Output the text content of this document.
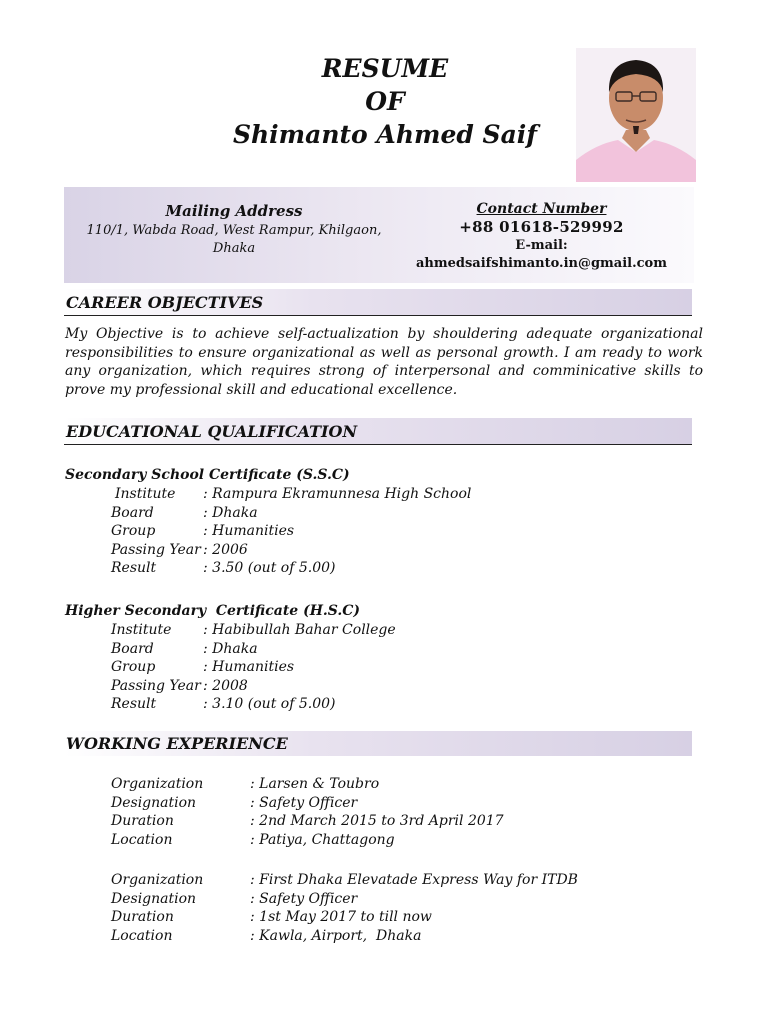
RESUME
OF
Shimanto Ahmed Saif
Mailing Address
110/1, Wabda Road, West Rampur, Khilgaon,
Dhaka
Contact Number
+88 01618-529992
E-mail:
ahmedsaifshimanto.in@gmail.com
CAREER OBJECTIVES
My Objective is to achieve self-actualization by shouldering adequate organizational responsibilities to ensure organizational as well as personal growth. I am ready to work any organization, which requires strong of interpersonal and comminicative skills to prove my professional skill and educational excellence.
EDUCATIONAL QUALIFICATION
Secondary School Certificate (S.S.C)
Institute	: Rampura Ekramunnesa High School
Board	: Dhaka
Group	: Humanities
Passing Year : 2006
Result	: 3.50 (out of 5.00)
Higher Secondary  Certificate (H.S.C)
Institute	: Habibullah Bahar College
Board	: Dhaka
Group	: Humanities
Passing Year : 2008
Result	: 3.10 (out of 5.00)
WORKING EXPERIENCE
Organization	: Larsen & Toubro
Designation	: Safety Officer
Duration	: 2nd March 2015 to 3rd April 2017
Location	: Patiya, Chattagong
Organization	: First Dhaka Elevatade Express Way for ITDB
Designation	: Safety Officer
Duration	: 1st May 2017 to till now
Location	: Kawla, Airport,  Dhaka
